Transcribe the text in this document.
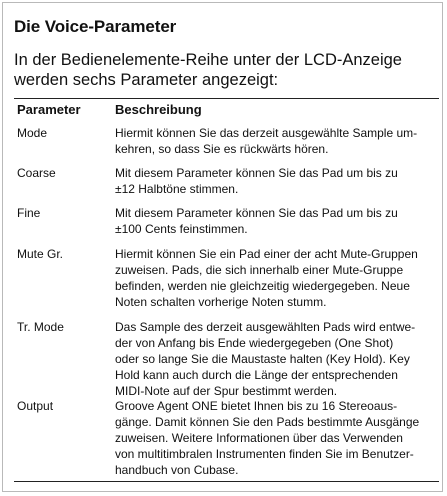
Die Voice-Parameter
In der Bedienelemente-Reihe unter der LCD-Anzeige
werden sechs Parameter angezeigt:
Parameter	Beschreibung
Mode	Hiermit können Sie das derzeit ausgewählte Sample um-
kehren, so dass Sie es rückwärts hören.
Coarse	Mit diesem Parameter können Sie das Pad um bis zu
±12 Halbtöne stimmen.
Fine	Mit diesem Parameter können Sie das Pad um bis zu
±100 Cents feinstimmen.
Mute Gr.	Hiermit können Sie ein Pad einer der acht Mute-Gruppen
zuweisen. Pads, die sich innerhalb einer Mute-Gruppe
befinden, werden nie gleichzeitig wiedergegeben. Neue
Noten schalten vorherige Noten stumm.
Tr. Mode	Das Sample des derzeit ausgewählten Pads wird entwe-
der von Anfang bis Ende wiedergegeben (One Shot)
oder so lange Sie die Maustaste halten (Key Hold). Key
Hold kann auch durch die Länge der entsprechenden
MIDI-Note auf der Spur bestimmt werden.
Output	Groove Agent ONE bietet Ihnen bis zu 16 Stereoaus-
gänge. Damit können Sie den Pads bestimmte Ausgänge
zuweisen. Weitere Informationen über das Verwenden
von multitimbralen Instrumenten finden Sie im Benutzer-
handbuch von Cubase.
